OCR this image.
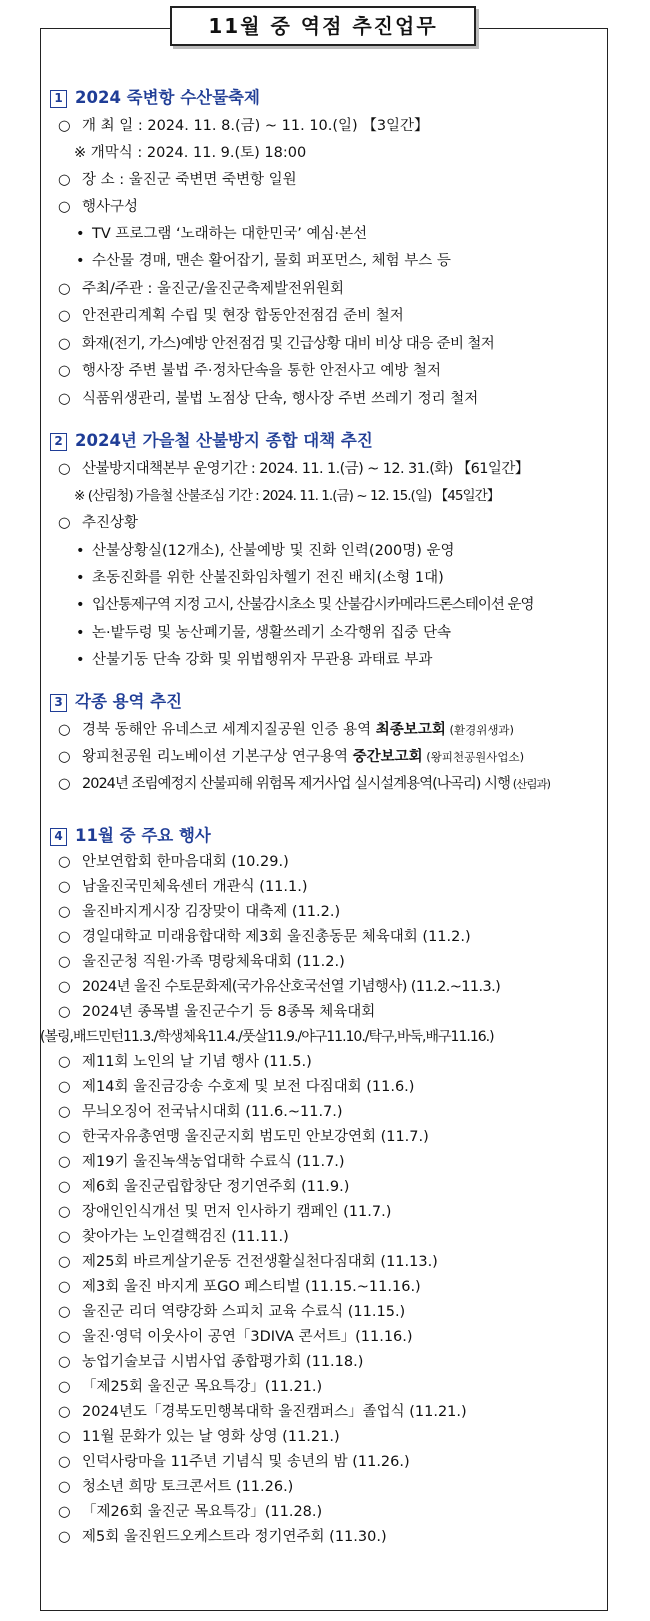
11월 중 역점 추진업무
1 2024 죽변항 수산물축제
○ 개 최 일 : 2024. 11. 8.(금) ~ 11. 10.(일) 【3일간】
※ 개막식 : 2024. 11. 9.(토) 18:00
○ 장 소 : 울진군 죽변면 죽변항 일원
○ 행사구성
• TV 프로그램 ‘노래하는 대한민국’ 예심·본선
• 수산물 경매, 맨손 활어잡기, 물회 퍼포먼스, 체험 부스 등
○ 주최/주관 : 울진군/울진군축제발전위원회
○ 안전관리계획 수립 및 현장 합동안전점검 준비 철저
○ 화재(전기, 가스)예방 안전점검 및 긴급상황 대비 비상 대응 준비 철저
○ 행사장 주변 불법 주·정차단속을 통한 안전사고 예방 철저
○ 식품위생관리, 불법 노점상 단속, 행사장 주변 쓰레기 정리 철저
2 2024년 가을철 산불방지 종합 대책 추진
○ 산불방지대책본부 운영기간 : 2024. 11. 1.(금) ~ 12. 31.(화) 【61일간】
※ (산림청) 가을철 산불조심 기간 : 2024. 11. 1.(금) ~ 12. 15.(일) 【45일간】
○ 추진상황
• 산불상황실(12개소), 산불예방 및 진화 인력(200명) 운영
• 초동진화를 위한 산불진화임차헬기 전진 배치(소형 1대)
• 입산통제구역 지정 고시, 산불감시초소 및 산불감시카메라드론스테이션 운영
• 논·밭두렁 및 농산폐기물, 생활쓰레기 소각행위 집중 단속
• 산불기동 단속 강화 및 위법행위자 무관용 과태료 부과
3 각종 용역 추진
○ 경북 동해안 유네스코 세계지질공원 인증 용역 최종보고회 (환경위생과)
○ 왕피천공원 리노베이션 기본구상 연구용역 중간보고회 (왕피천공원사업소)
○ 2024년 조림예정지 산불피해 위험목 제거사업 실시설계용역(나곡리) 시행 (산림과)
4 11월 중 주요 행사
○ 안보연합회 한마음대회 (10.29.)
○ 남울진국민체육센터 개관식 (11.1.)
○ 울진바지게시장 김장맞이 대축제 (11.2.)
○ 경일대학교 미래융합대학 제3회 울진총동문 체육대회 (11.2.)
○ 울진군청 직원·가족 명랑체육대회 (11.2.)
○ 2024년 울진 수토문화제(국가유산호국선열 기념행사) (11.2.~11.3.)
○ 2024년 종목별 울진군수기 등 8종목 체육대회
(볼링,배드민턴11.3./학생체육11.4./풋살11.9./야구11.10./탁구,바둑,배구11.16.)
○ 제11회 노인의 날 기념 행사 (11.5.)
○ 제14회 울진금강송 수호제 및 보전 다짐대회 (11.6.)
○ 무늬오징어 전국낚시대회 (11.6.~11.7.)
○ 한국자유총연맹 울진군지회 범도민 안보강연회 (11.7.)
○ 제19기 울진녹색농업대학 수료식 (11.7.)
○ 제6회 울진군립합창단 정기연주회 (11.9.)
○ 장애인인식개선 및 먼저 인사하기 캠페인 (11.7.)
○ 찾아가는 노인결핵검진 (11.11.)
○ 제25회 바르게살기운동 건전생활실천다짐대회 (11.13.)
○ 제3회 울진 바지게 포GO 페스티벌 (11.15.~11.16.)
○ 울진군 리더 역량강화 스피치 교육 수료식 (11.15.)
○ 울진·영덕 이웃사이 공연「3DIVA 콘서트」(11.16.)
○ 농업기술보급 시범사업 종합평가회 (11.18.)
○ 「제25회 울진군 목요특강」(11.21.)
○ 2024년도「경북도민행복대학 울진캠퍼스」졸업식 (11.21.)
○ 11월 문화가 있는 날 영화 상영 (11.21.)
○ 인덕사랑마을 11주년 기념식 및 송년의 밤 (11.26.)
○ 청소년 희망 토크콘서트 (11.26.)
○ 「제26회 울진군 목요특강」(11.28.)
○ 제5회 울진윈드오케스트라 정기연주회 (11.30.)
